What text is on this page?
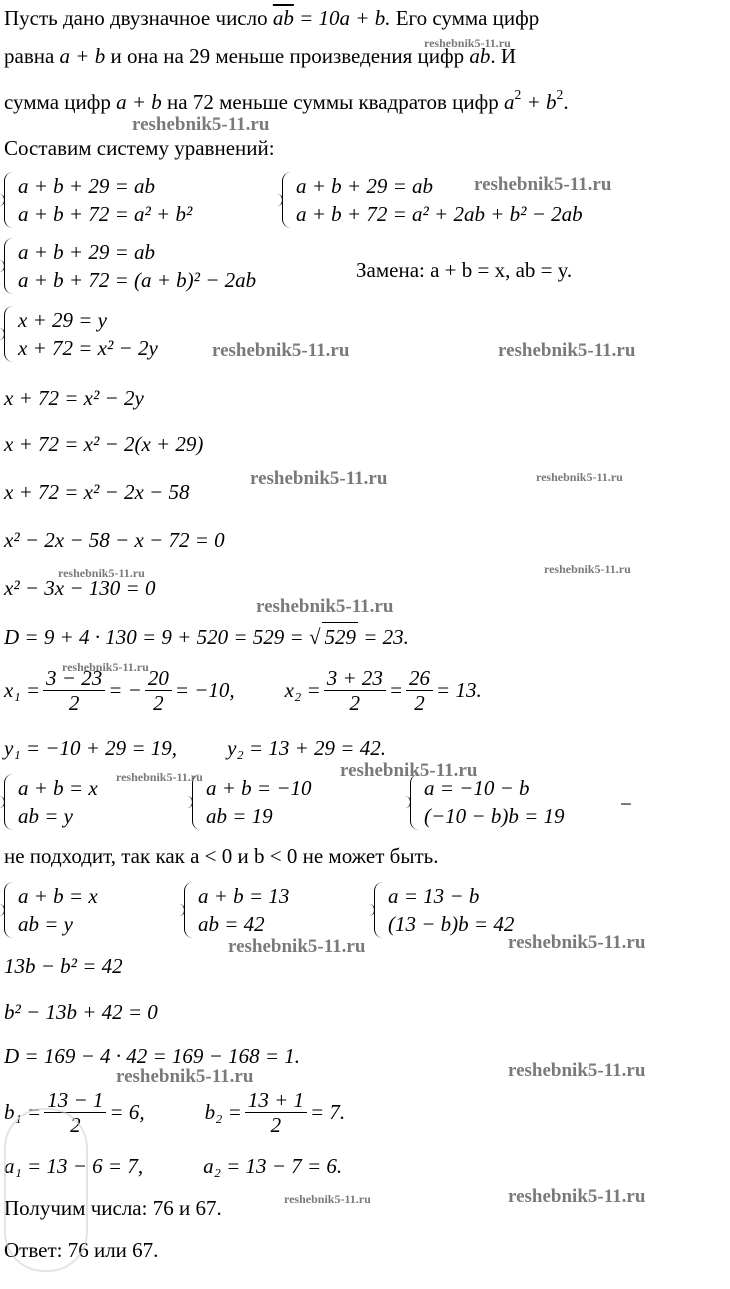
Пусть дано двузначное число $\overline{ab} = 10a + b$. Его сумма цифр
равна a + b и она на 29 меньше произведения цифр ab. И
сумма цифр a + b на 72 меньше суммы квадратов цифр $a^2 + b^2$.
Составим систему уравнений:
a + b + 29 = ab
a + b + 72 = a² + b²
a + b + 29 = ab
a + b + 72 = a² + 2ab + b² − 2ab
a + b + 29 = ab
a + b + 72 = (a + b)² − 2ab	Замена: a + b = x, ab = y.
x + 29 = y
x + 72 = x² − 2y
x + 72 = x² − 2y
x + 72 = x² − 2(x + 29)
x + 72 = x² − 2x − 58
x² − 2x − 58 − x − 72 = 0
x² − 3x − 130 = 0
D = 9 + 4 · 130 = 9 + 520 = 529 = √ 529 = 23.
$x_1 = \frac{3 - 23}{2}$ = − $\frac{20}{2} = -10$, $x_2 = \frac{3 + 23}{2} = \frac{26}{2} = 13$.
y₁ = −10 + 29 = 19, y₂ = 13 + 29 = 42.
a + b = x
ab = y
a + b = −10
ab = 19
a = −10 − b
(−10 − b)b = 19	−
не подходит, так как a < 0 и b < 0 не может быть.
a + b = x
ab = y
a + b = 13
ab = 42
a = 13 − b
(13 − b)b = 42
13b − b² = 42
b² − 13b + 42 = 0
D = 169 − 4 · 42 = 169 − 168 = 1.
$b_1 = \frac{13 - 1}{2} = 6$,	$b_2 = \frac{13 + 1}{2} = 7$.
a₁ = 13 − 6 = 7,	a₂ = 13 − 7 = 6.
Получим числа: 76 и 67.
Ответ: 76 или 67.
reshebnik5-11.ru
reshebnik5-11.ru
reshebnik5-11.ru
reshebnik5-11.ru	reshebnik5-11.ru
reshebnik5-11.ru	reshebnik5-11.ru
reshebnik5-11.ru
reshebnik5-11.ru
reshebnik5-11.ru
reshebnik5-11.ru
reshebnik5-11.ru	reshebnik5-11.ru
reshebnik5-11.ru	reshebnik5-11.ru
reshebnik5-11.ru	reshebnik5-11.ru
reshebnik5-11.ru	reshebnik5-11.ru
